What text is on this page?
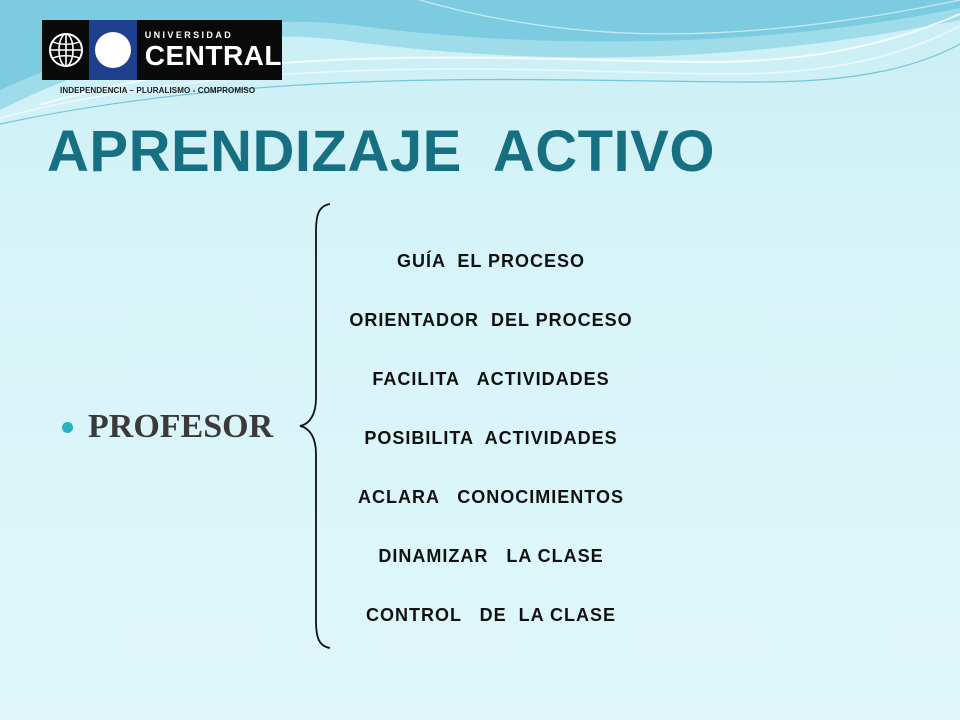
UNIVERSIDAD
CENTRAL
INDEPENDENCIA – PLURALISMO - COMPROMISO
APRENDIZAJE  ACTIVO
PROFESOR
GUÍA  EL PROCESO
ORIENTADOR  DEL PROCESO
FACILITA   ACTIVIDADES
POSIBILITA  ACTIVIDADES
ACLARA   CONOCIMIENTOS
DINAMIZAR   LA CLASE
CONTROL   DE  LA CLASE
